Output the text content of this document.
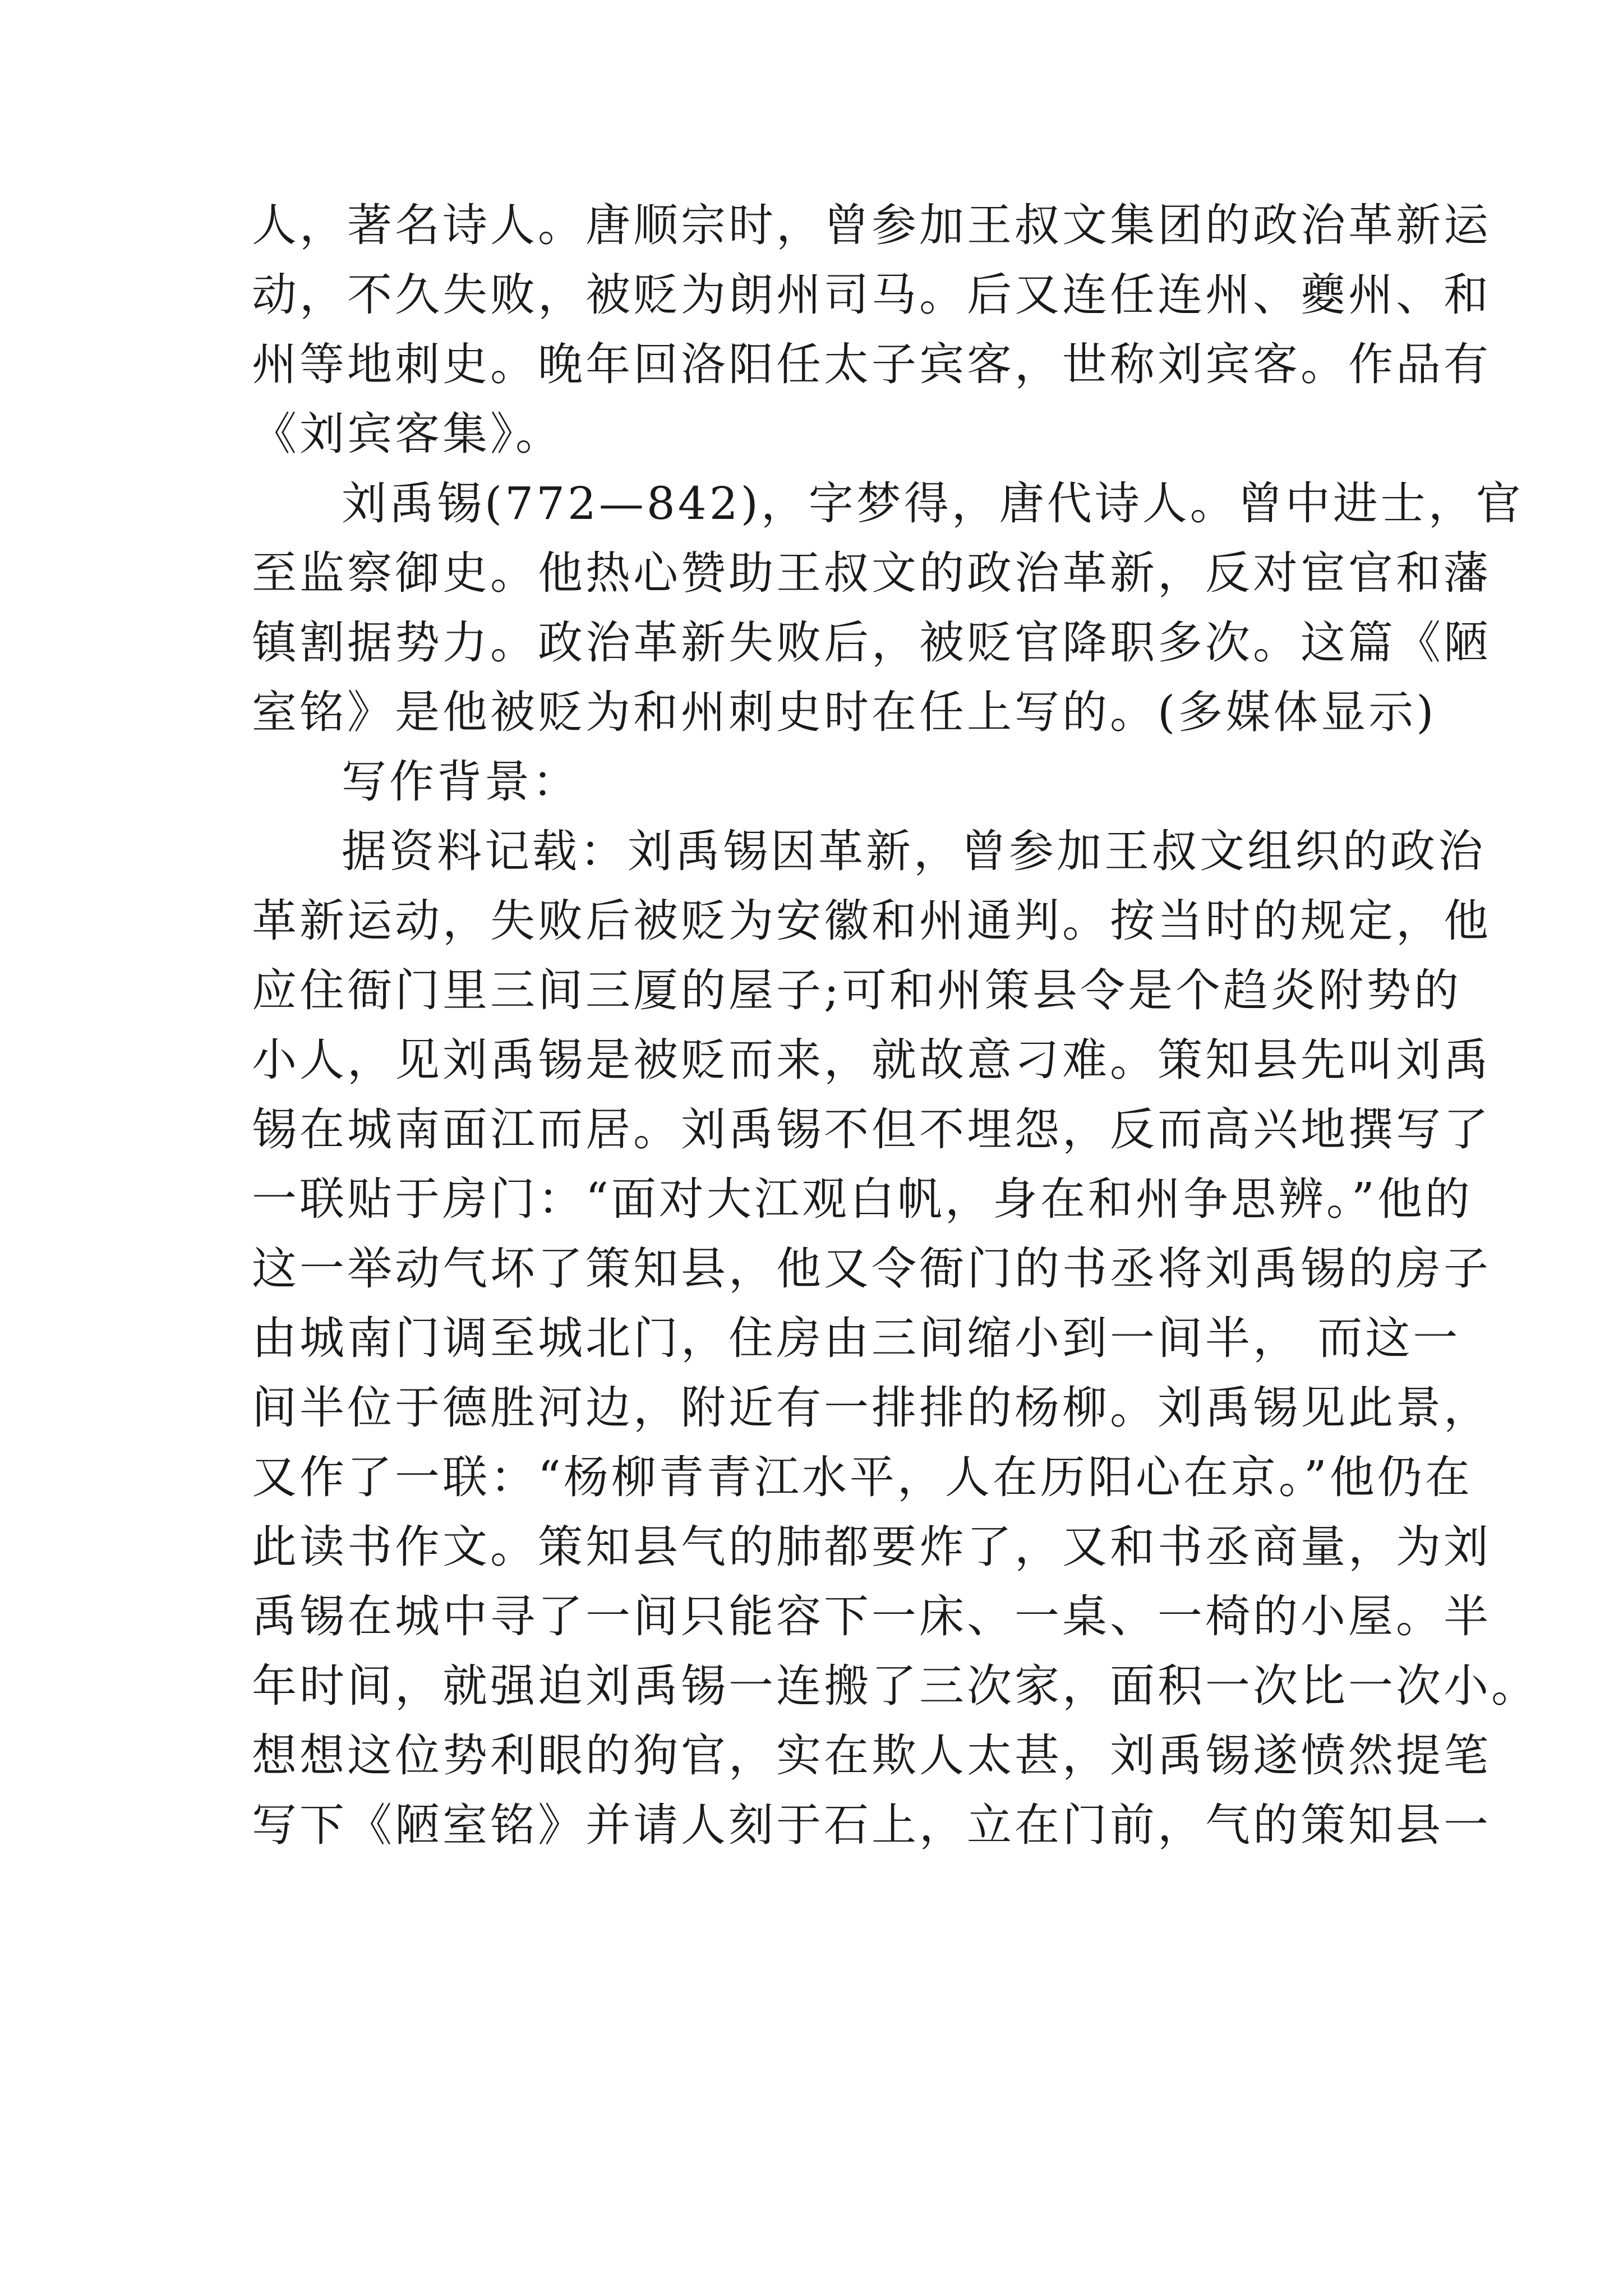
人，著名诗人。唐顺宗时，曾参加王叔文集团的政治革新运
动，不久失败，被贬为朗州司马。后又连任连州、夔州、和
州等地刺史。晚年回洛阳任太子宾客，世称刘宾客。作品有
《刘宾客集》。
刘禹锡(772—842)，字梦得，唐代诗人。曾中进士，官
至监察御史。他热心赞助王叔文的政治革新，反对宦官和藩
镇割据势力。政治革新失败后，被贬官降职多次。这篇《陋
室铭》是他被贬为和州刺史时在任上写的。(多媒体显示)
写作背景：
据资料记载：刘禹锡因革新，曾参加王叔文组织的政治
革新运动，失败后被贬为安徽和州通判。按当时的规定，他
应住衙门里三间三厦的屋子;可和州策县令是个趋炎附势的
小人，见刘禹锡是被贬而来，就故意刁难。策知县先叫刘禹
锡在城南面江而居。刘禹锡不但不埋怨，反而高兴地撰写了
一联贴于房门：“面对大江观白帆，身在和州争思辨。”他的
这一举动气坏了策知县，他又令衙门的书丞将刘禹锡的房子
由城南门调至城北门，住房由三间缩小到一间半， 而这一
间半位于德胜河边，附近有一排排的杨柳。刘禹锡见此景，
又作了一联：“杨柳青青江水平，人在历阳心在京。”他仍在
此读书作文。策知县气的肺都要炸了，又和书丞商量，为刘
禹锡在城中寻了一间只能容下一床、一桌、一椅的小屋。半
年时间，就强迫刘禹锡一连搬了三次家，面积一次比一次小。
想想这位势利眼的狗官，实在欺人太甚，刘禹锡遂愤然提笔
写下《陋室铭》并请人刻于石上，立在门前，气的策知县一
